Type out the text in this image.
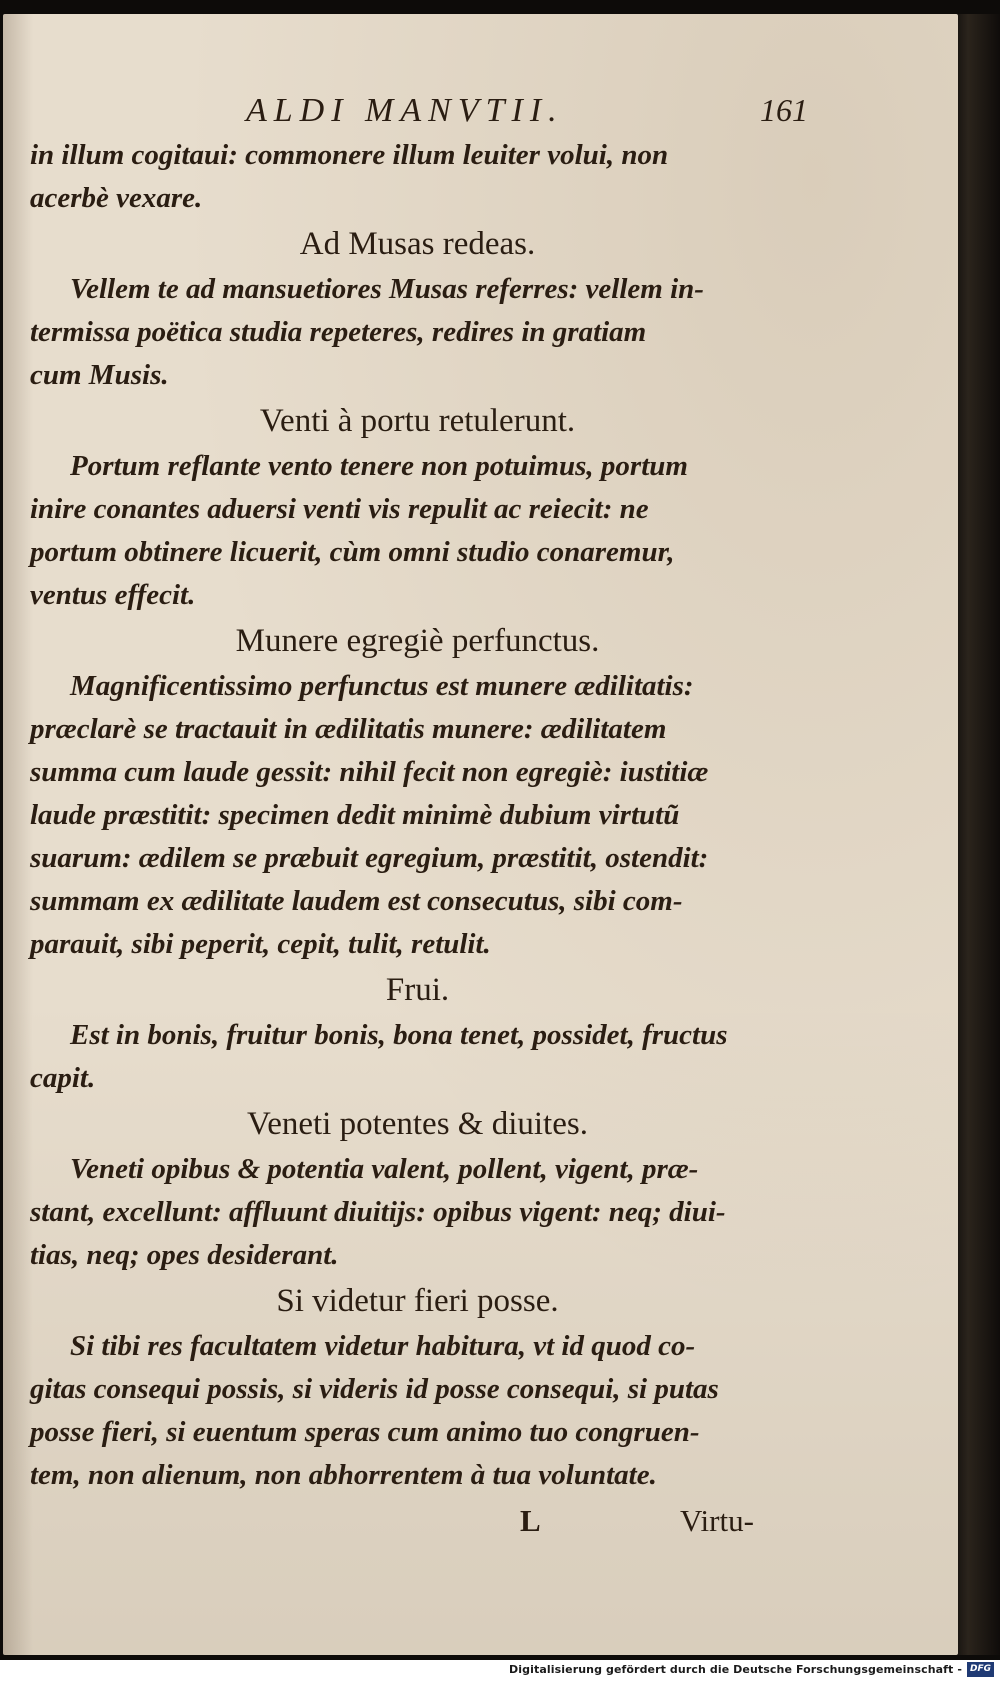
ALDI MANVTII.	161

in illum cogitaui: commonere illum leuiter volui, non

acerbè vexare.

Ad Musas redeas.

Vellem te ad mansuetiores Musas referres: vellem in-

termissa poëtica studia repeteres, redires in gratiam

cum Musis.

Venti à portu retulerunt.

Portum reflante vento tenere non potuimus, portum

inire conantes aduersi venti vis repulit ac reiecit: ne

portum obtinere licuerit, cùm omni studio conaremur,

ventus effecit.

Munere egregiè perfunctus.

Magnificentissimo perfunctus est munere ædilitatis:

præclarè se tractauit in ædilitatis munere: ædilitatem

summa cum laude gessit: nihil fecit non egregiè: iustitiæ

laude præstitit: specimen dedit minimè dubium virtutũ

suarum: ædilem se præbuit egregium, præstitit, ostendit:

summam ex ædilitate laudem est consecutus, sibi com-

parauit, sibi peperit, cepit, tulit, retulit.

Frui.

Est in bonis, fruitur bonis, bona tenet, possidet, fructus

capit.

Veneti potentes & diuites.

Veneti opibus & potentia valent, pollent, vigent, præ-

stant, excellunt: affluunt diuitijs: opibus vigent: neq; diui-

tias, neq; opes desiderant.

Si videtur fieri posse.

Si tibi res facultatem videtur habitura, vt id quod co-

gitas consequi possis, si videris id posse consequi, si putas

posse fieri, si euentum speras cum animo tuo congruen-

tem, non alienum, non abhorrentem à tua voluntate.

L	Virtu-
Digitalisierung gefördert durch die Deutsche Forschungsgemeinschaft - DFG
